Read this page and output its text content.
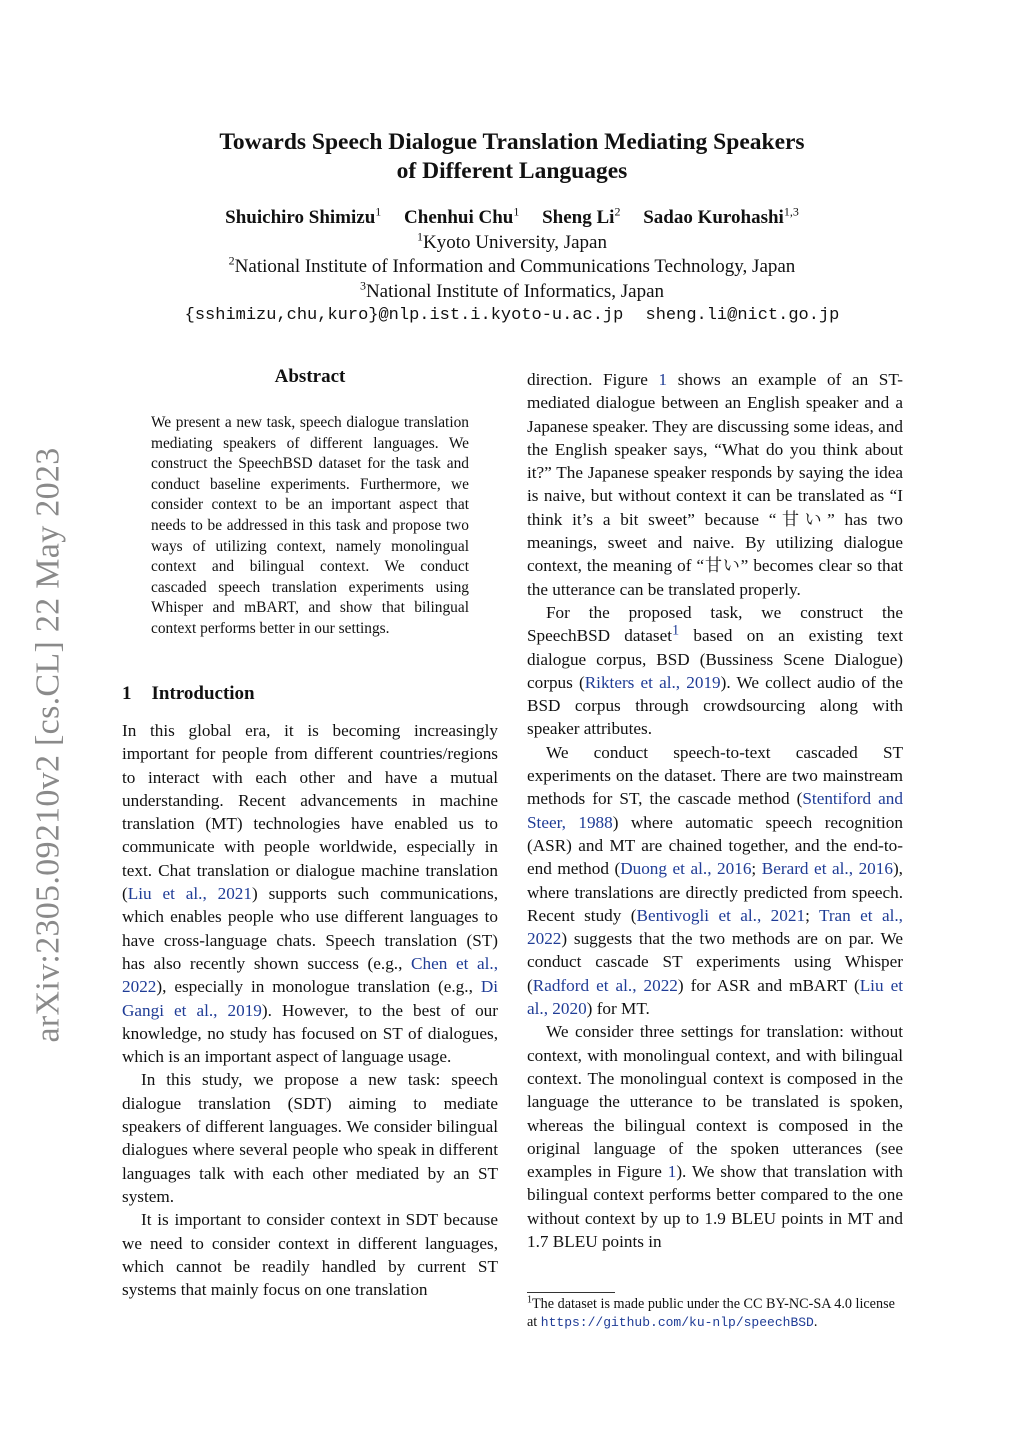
arXiv:2305.09210v2 [cs.CL] 22 May 2023
Towards Speech Dialogue Translation Mediating Speakers
of Different Languages
Shuichiro Shimizu$^1$ Chenhui Chu$^1$ Sheng Li$^2$ Sadao Kurohashi$^{1,3}$
$^1$Kyoto University, Japan
$^2$National Institute of Information and Communications Technology, Japan
$^3$National Institute of Informatics, Japan
{sshimizu,chu,kuro}@nlp.ist.i.kyoto-u.ac.jp sheng.li@nict.go.jp
Abstract
We present a new task, speech dialogue translation mediating speakers of different languages. We construct the SpeechBSD dataset for the task and conduct baseline experiments. Furthermore, we consider context to be an important aspect that needs to be addressed in this task and propose two ways of utilizing context, namely monolingual context and bilingual context. We conduct cascaded speech translation experiments using Whisper and mBART, and show that bilingual context performs better in our settings.
1 Introduction

In this global era, it is becoming increasingly important for people from different countries/regions to interact with each other and have a mutual understanding. Recent advancements in machine translation (MT) technologies have enabled us to communicate with people worldwide, especially in text. Chat translation or dialogue machine translation (Liu et al., 2021) supports such communications, which enables people who use different languages to have cross-language chats. Speech translation (ST) has also recently shown success (e.g., Chen et al., 2022), especially in monologue translation (e.g., Di Gangi et al., 2019). However, to the best of our knowledge, no study has focused on ST of dialogues, which is an important aspect of language usage.

In this study, we propose a new task: speech dialogue translation (SDT) aiming to mediate speakers of different languages. We consider bilingual dialogues where several people who speak in different languages talk with each other mediated by an ST system.

It is important to consider context in SDT because we need to consider context in different languages, which cannot be readily handled by current ST systems that mainly focus on one translation

direction. Figure 1 shows an example of an ST-mediated dialogue between an English speaker and a Japanese speaker. They are discussing some ideas, and the English speaker says, “What do you think about it?” The Japanese speaker responds by saying the idea is naive, but without context it can be translated as “I think it’s a bit sweet” because “甘い” has two meanings, sweet and naive. By utilizing dialogue context, the meaning of “甘い” becomes clear so that the utterance can be translated properly.

For the proposed task, we construct the SpeechBSD dataset$^1$ based on an existing text dialogue corpus, BSD (Bussiness Scene Dialogue) corpus (Rikters et al., 2019). We collect audio of the BSD corpus through crowdsourcing along with speaker attributes.

We conduct speech-to-text cascaded ST experiments on the dataset. There are two mainstream methods for ST, the cascade method (Stentiford and Steer, 1988) where automatic speech recognition (ASR) and MT are chained together, and the end-to-end method (Duong et al., 2016; Berard et al., 2016), where translations are directly predicted from speech. Recent study (Bentivogli et al., 2021; Tran et al., 2022) suggests that the two methods are on par. We conduct cascade ST experiments using Whisper (Radford et al., 2022) for ASR and mBART (Liu et al., 2020) for MT.

We consider three settings for translation: without context, with monolingual context, and with bilingual context. The monolingual context is composed in the language the utterance to be translated is spoken, whereas the bilingual context is composed in the original language of the spoken utterances (see examples in Figure 1). We show that translation with bilingual context performs better compared to the one without context by up to 1.9 BLEU points in MT and 1.7 BLEU points in

$^1$The dataset is made public under the CC BY-NC-SA 4.0 license at https://github.com/ku-nlp/speechBSD.
